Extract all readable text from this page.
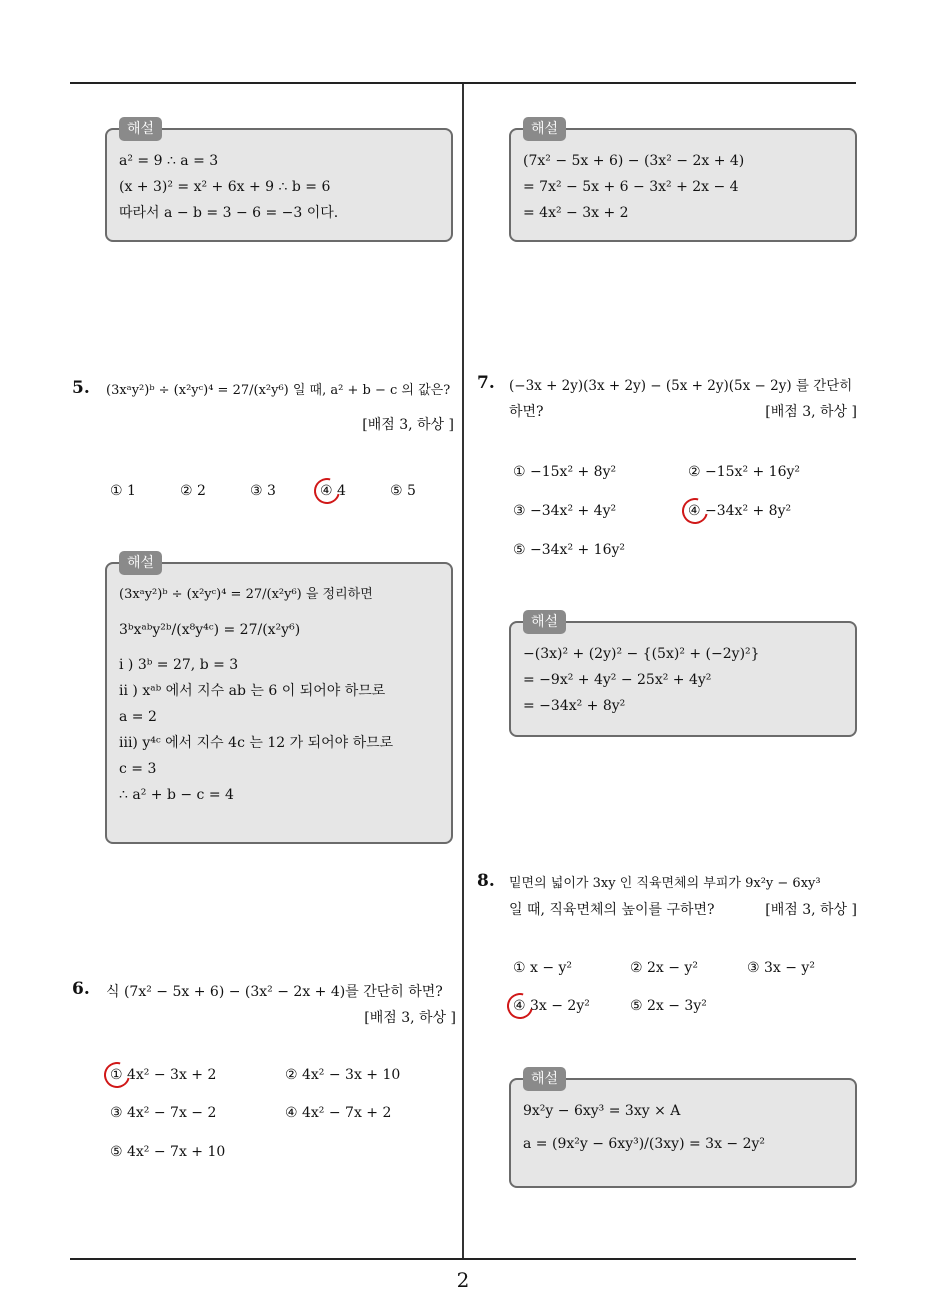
해설
a² = 9 ∴ a = 3
(x + 3)² = x² + 6x + 9 ∴ b = 6
따라서 a − b = 3 − 6 = −3 이다.
해설
(7x² − 5x + 6) − (3x² − 2x + 4)
= 7x² − 5x + 6 − 3x² + 2x − 4
= 4x² − 3x + 2
5. (3xᵃy²)ᵇ ÷ (x²yᶜ)⁴ = 27/(x²y⁶) 일 때, a² + b − c 의 값은?
[배점 3, 하상 ]
① 1	② 2	③ 3	④ 4	⑤ 5
해설
(3xᵃy²)ᵇ ÷ (x²yᶜ)⁴ = 27/(x²y⁶) 을 정리하면
3ᵇxᵃᵇy²ᵇ/(x⁸y⁴ᶜ) = 27/(x²y⁶)
i ) 3ᵇ = 27, b = 3
ii ) xᵃᵇ 에서 지수 ab 는 6 이 되어야 하므로
a = 2
iii) y⁴ᶜ 에서 지수 4c 는 12 가 되어야 하므로
c = 3
∴ a² + b − c = 4
6. 식 (7x² − 5x + 6) − (3x² − 2x + 4)를 간단히 하면?
[배점 3, 하상 ]
① 4x² − 3x + 2	② 4x² − 3x + 10
③ 4x² − 7x − 2	④ 4x² − 7x + 2
⑤ 4x² − 7x + 10
7. (−3x + 2y)(3x + 2y) − (5x + 2y)(5x − 2y) 를 간단히
하면?	[배점 3, 하상 ]
① −15x² + 8y²	② −15x² + 16y²
③ −34x² + 4y²	④ −34x² + 8y²
⑤ −34x² + 16y²
해설
−(3x)² + (2y)² − {(5x)² + (−2y)²}
= −9x² + 4y² − 25x² + 4y²
= −34x² + 8y²
8. 밑면의 넓이가 3xy 인 직육면체의 부피가 9x²y − 6xy³
일 때, 직육면체의 높이를 구하면?	[배점 3, 하상 ]
① x − y²	② 2x − y²	③ 3x − y²
④ 3x − 2y²	⑤ 2x − 3y²
해설
9x²y − 6xy³ = 3xy × A
a = (9x²y − 6xy³)/(3xy) = 3x − 2y²
2
